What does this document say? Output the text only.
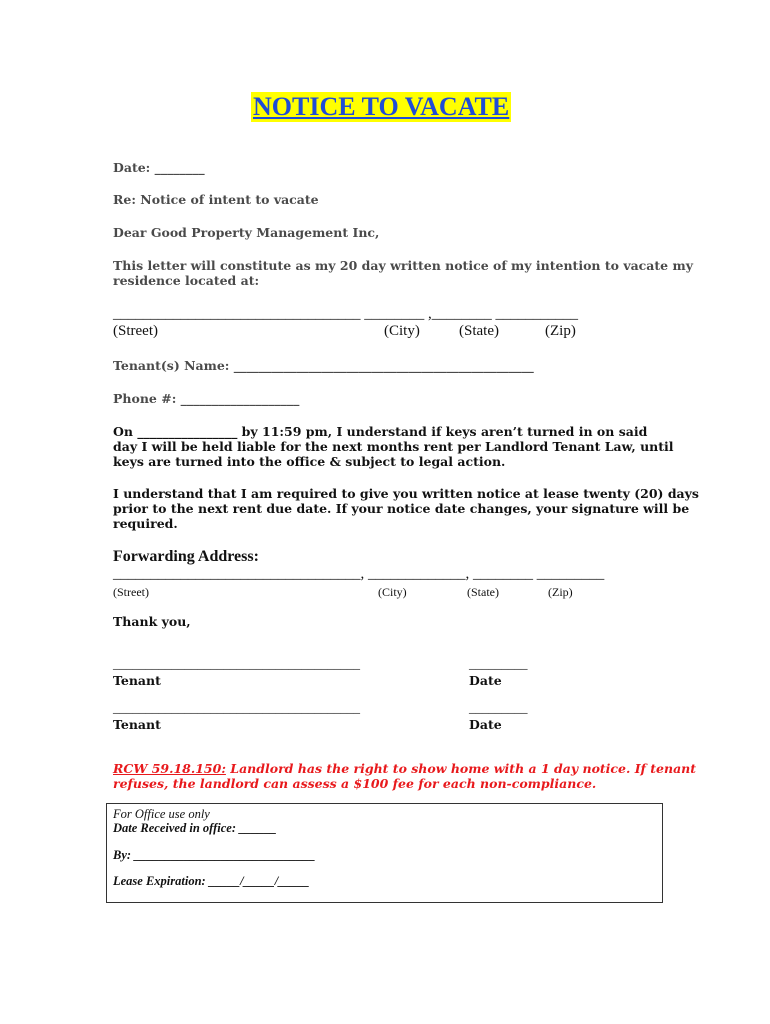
NOTICE TO VACATE
Date: ________
Re: Notice of intent to vacate
Dear Good Property Management Inc,
This letter will constitute as my 20 day written notice of my intention to vacate my
residence located at:
_________________________________ ________ ,________ ___________
(Street)	(City)	(State)	(Zip)
Tenant(s) Name: ________________________________________________
Phone #: ___________________
On ________________ by 11:59 pm, I understand if keys aren’t turned in on said
day I will be held liable for the next months rent per Landlord Tenant Law, until
keys are turned into the office & subject to legal action.
I understand that I am required to give you written notice at lease twenty (20) days
prior to the next rent due date. If your notice date changes, your signature will be
required.
Forwarding Address:
_________________________________, _____________, ________ _________
(Street)	(City)	(State)	(Zip)
Thank you,
______________________________________
Tenant
_________
Date
______________________________________
Tenant
_________
Date
RCW 59.18.150: Landlord has the right to show home with a 1 day notice. If tenant
refuses, the landlord can assess a $100 fee for each non-compliance.
For Office use only
Date Received in office: ______
By: _____________________________
Lease Expiration: _____/_____/_____
